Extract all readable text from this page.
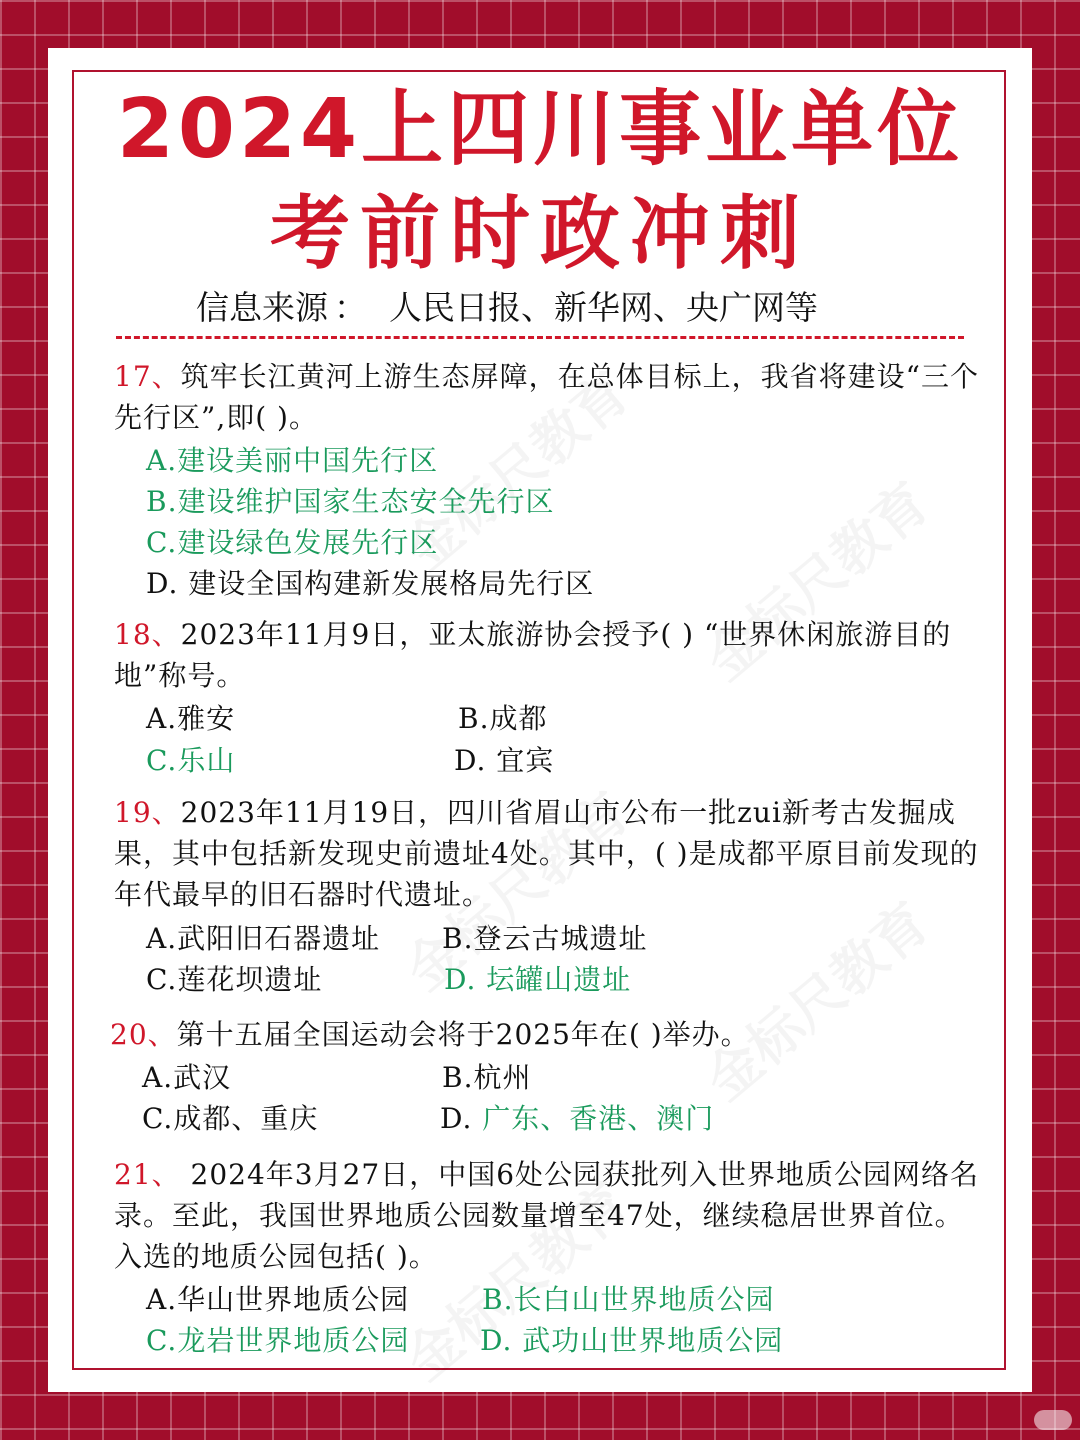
2024上四川事业单位
考前时政冲刺
信息来源 ： 人民日报、新华网、央广网等

17、筑牢长江黄河上游生态屏障，在总体目标上，我省将建设“三个先行区”,即( )。

A.建设美丽中国先行区

B.建设维护国家生态安全先行区

C.建设绿色发展先行区

D. 建设全国构建新发展格局先行区

18、2023年11月9日，亚太旅游协会授予( ) “世界休闲旅游目的地”称号。

A.雅安	B.成都

C.乐山	D. 宜宾

19、2023年11月19日，四川省眉山市公布一批zui新考古发掘成果，其中包括新发现史前遗址4处。其中，( )是成都平原目前发现的年代最早的旧石器时代遗址。

A.武阳旧石器遗址 B.登云古城遗址

C.莲花坝遗址	D. 坛罐山遗址

20、第十五届全国运动会将于2025年在( )举办。

A.武汉	B.杭州

C.成都、重庆	D. 广东、香港、澳门

21、 2024年3月27日，中国6处公园获批列入世界地质公园网络名录。至此，我国世界地质公园数量增至47处，继续稳居世界首位。入选的地质公园包括( )。

A.华山世界地质公园	B.长白山世界地质公园

C.龙岩世界地质公园	D. 武功山世界地质公园
